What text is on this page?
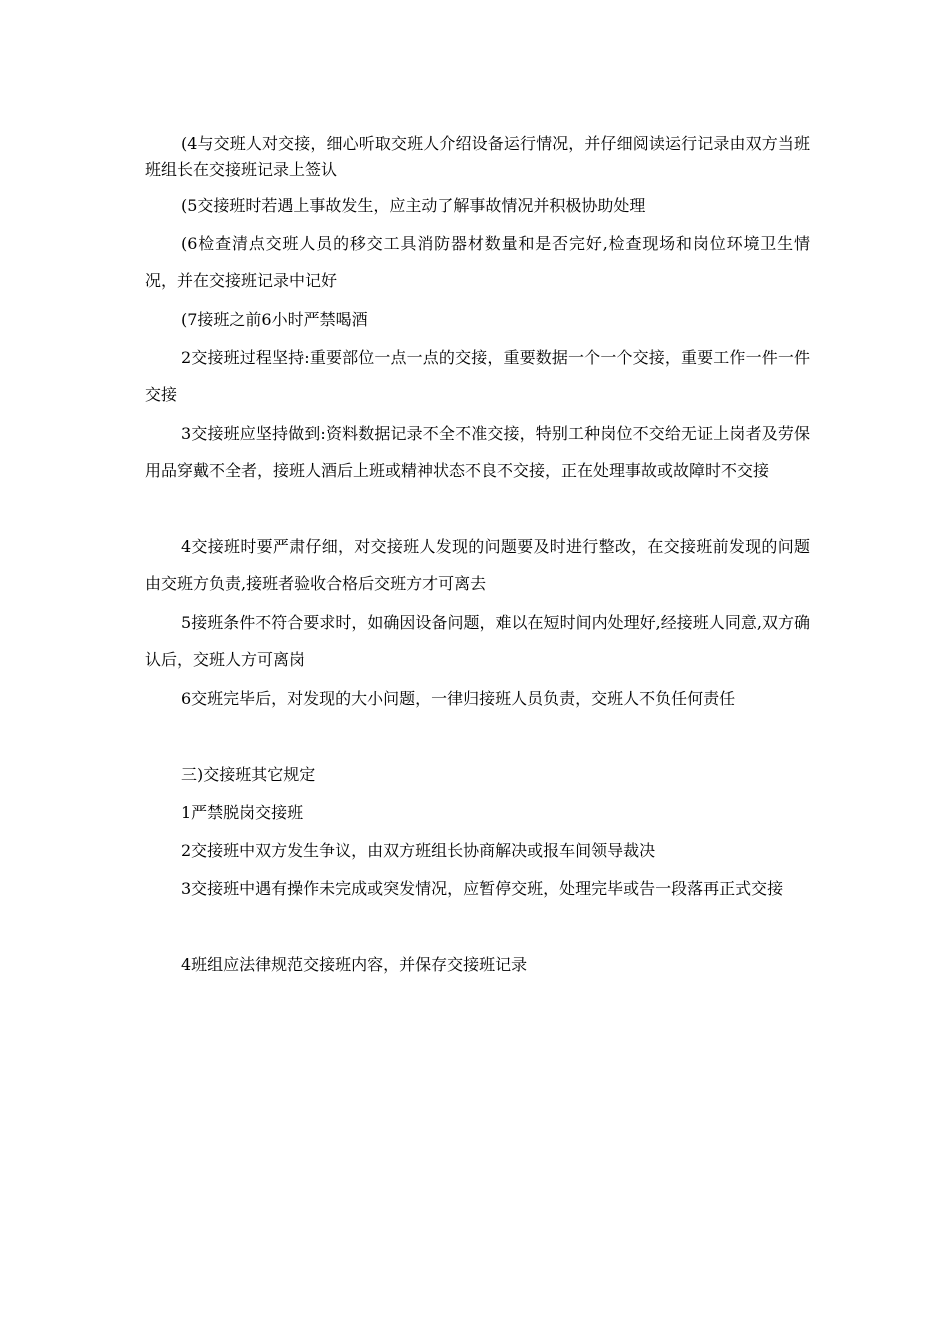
(4与交班人对交接，细心听取交班人介绍设备运行情况，并仔细阅读运行记录由双方当班班组长在交接班记录上签认

(5交接班时若遇上事故发生，应主动了解事故情况并积极协助处理

(6检查清点交班人员的移交工具消防器材数量和是否完好,检查现场和岗位环境卫生情况，并在交接班记录中记好

(7接班之前6小时严禁喝酒

2交接班过程坚持:重要部位一点一点的交接，重要数据一个一个交接，重要工作一件一件交接

3交接班应坚持做到:资料数据记录不全不准交接，特别工种岗位不交给无证上岗者及劳保用品穿戴不全者，接班人酒后上班或精神状态不良不交接，正在处理事故或故障时不交接

4交接班时要严肃仔细，对交接班人发现的问题要及时进行整改，在交接班前发现的问题由交班方负责,接班者验收合格后交班方才可离去

5接班条件不符合要求时，如确因设备问题，难以在短时间内处理好,经接班人同意,双方确认后，交班人方可离岗

6交班完毕后，对发现的大小问题，一律归接班人员负责，交班人不负任何责任

三)交接班其它规定

1严禁脱岗交接班

2交接班中双方发生争议，由双方班组长协商解决或报车间领导裁决

3交接班中遇有操作未完成或突发情况，应暂停交班，处理完毕或告一段落再正式交接

4班组应法律规范交接班内容，并保存交接班记录
